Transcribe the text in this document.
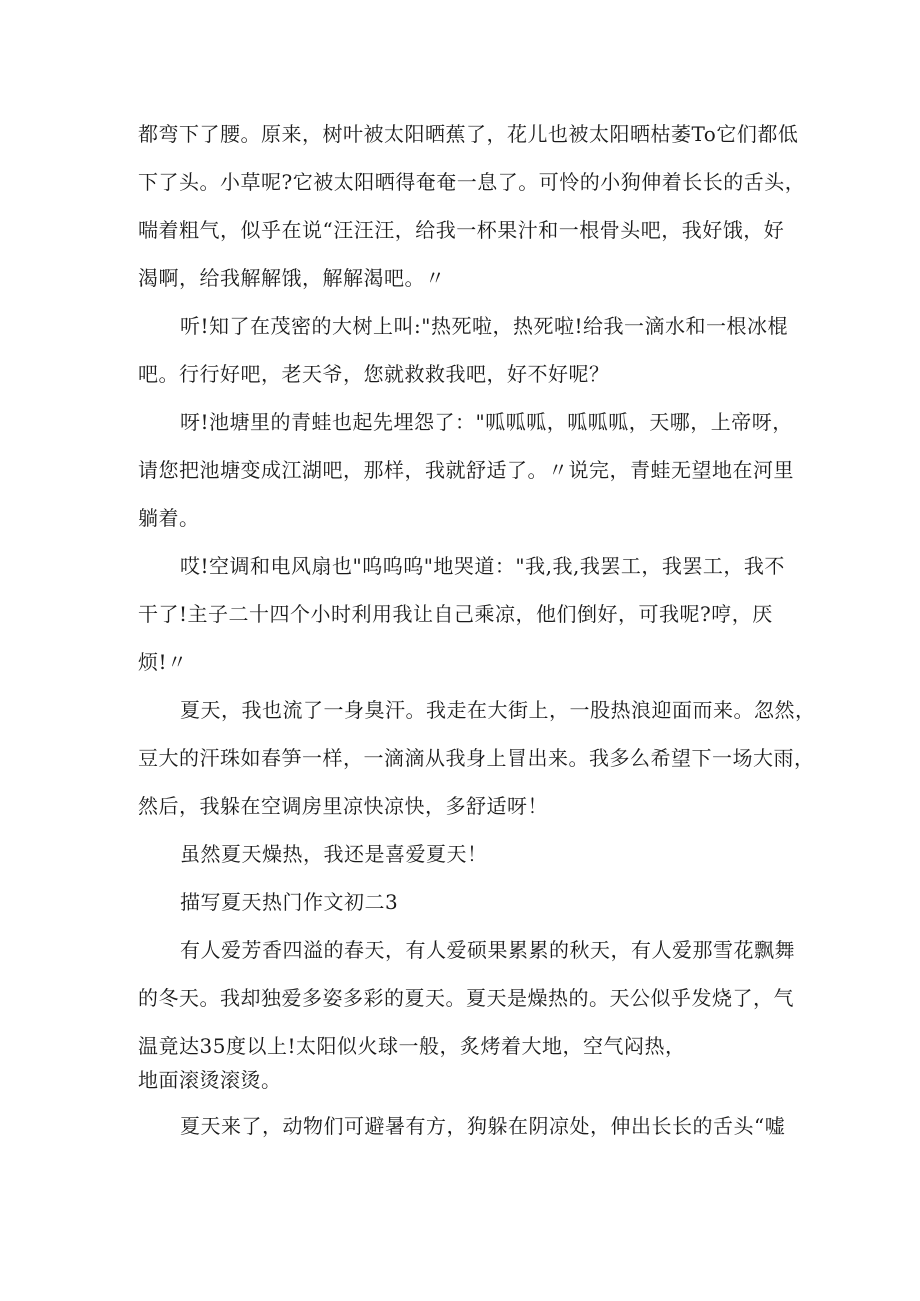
都弯下了腰。原来，树叶被太阳晒蕉了，花儿也被太阳晒枯萎To它们都低
下了头。小草呢?它被太阳晒得奄奄一息了。可怜的小狗伸着长长的舌头，
喘着粗气，似乎在说“汪汪汪，给我一杯果汁和一根骨头吧，我好饿，好
渴啊，给我解解饿，解解渴吧。〃
听!知了在茂密的大树上叫:"热死啦，热死啦!给我一滴水和一根冰棍
吧。行行好吧，老天爷，您就救救我吧，好不好呢？
呀!池塘里的青蛙也起先埋怨了："呱呱呱，呱呱呱，天哪，上帝呀，
请您把池塘变成江湖吧，那样，我就舒适了。〃说完，青蛙无望地在河里
躺着。
哎!空调和电风扇也"呜呜呜"地哭道："我,我,我罢工，我罢工，我不
干了!主子二十四个小时利用我让自己乘凉，他们倒好，可我呢?哼，厌
烦!〃
夏天，我也流了一身臭汗。我走在大街上，一股热浪迎面而来。忽然，
豆大的汗珠如春笋一样，一滴滴从我身上冒出来。我多么希望下一场大雨，
然后，我躲在空调房里凉快凉快，多舒适呀！
虽然夏天燥热，我还是喜爱夏天！
描写夏天热门作文初二3
有人爱芳香四溢的春天，有人爱硕果累累的秋天，有人爱那雪花飘舞
的冬天。我却独爱多姿多彩的夏天。夏天是燥热的。天公似乎发烧了，气
温竟达35度以上!太阳似火球一般，炙烤着大地，空气闷热，
地面滚烫滚烫。
夏天来了，动物们可避暑有方，狗躲在阴凉处，伸出长长的舌头“嘘
